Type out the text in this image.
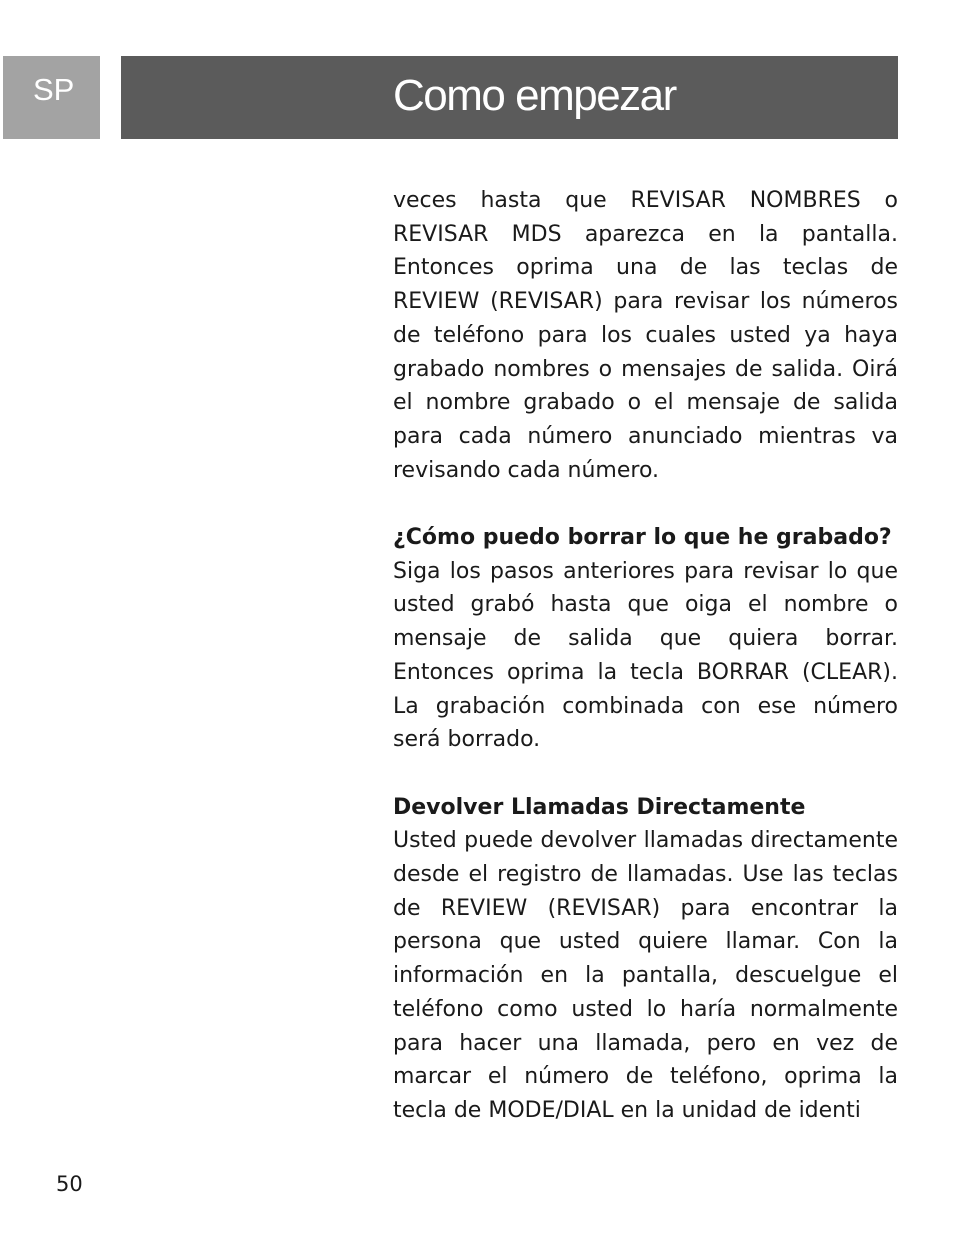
SP	Como empezar

veces hasta que REVISAR NOMBRES o REVISAR MDS aparezca en la pantalla. Entonces oprima una de las teclas de REVIEW (REVISAR) para revisar los números de teléfono para los cuales usted ya haya grabado nombres o mensajes de salida. Oirá el nombre grabado o el mensaje de salida para cada número anunciado mientras va revisando cada número.

¿Cómo puedo borrar lo que he grabado?

Siga los pasos anteriores para revisar lo que usted grabó hasta que oiga el nombre o mensaje de salida que quiera borrar. Entonces oprima la tecla BORRAR (CLEAR). La grabación combinada con ese número será borrado.

Devolver Llamadas Directamente

Usted puede devolver llamadas directamente desde el registro de llamadas. Use las teclas de REVIEW (REVISAR) para encontrar la persona que usted quiere llamar. Con la información en la pantalla, descuelgue el teléfono como usted lo haría normalmente para hacer una llamada, pero en vez de marcar el número de teléfono, oprima la tecla de MODE/DIAL en la unidad de identi

50
